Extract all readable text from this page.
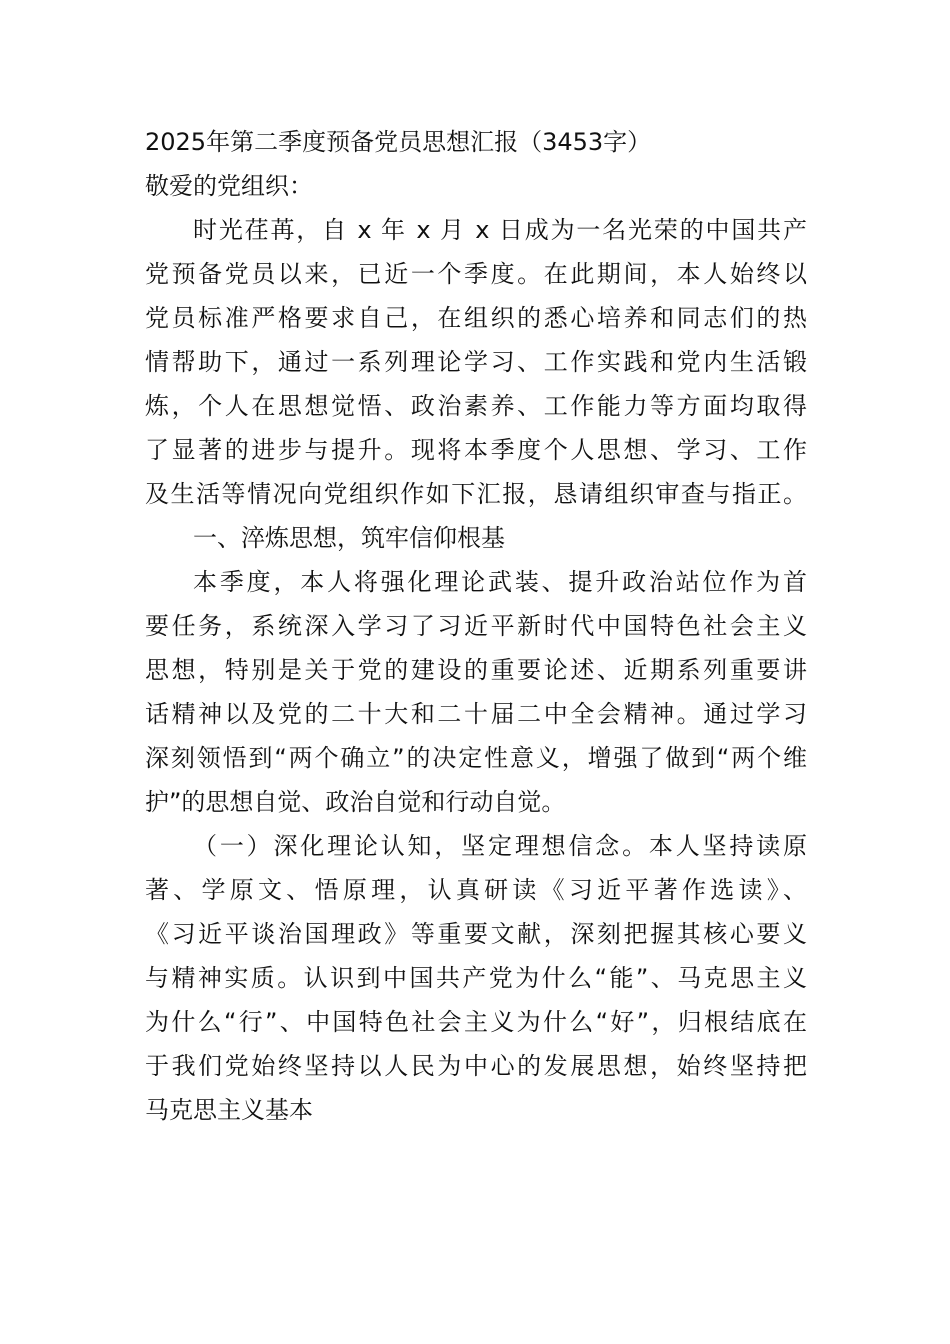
2025年第二季度预备党员思想汇报（3453字）
敬爱的党组织：
时光荏苒，自 x 年 x 月 x 日成为一名光荣的中国共产
党预备党员以来，已近一个季度。在此期间，本人始终以
党员标准严格要求自己，在组织的悉心培养和同志们的热
情帮助下，通过一系列理论学习、工作实践和党内生活锻
炼，个人在思想觉悟、政治素养、工作能力等方面均取得
了显著的进步与提升。现将本季度个人思想、学习、工作
及生活等情况向党组织作如下汇报，恳请组织审查与指正。
一、淬炼思想，筑牢信仰根基
本季度，本人将强化理论武装、提升政治站位作为首
要任务，系统深入学习了习近平新时代中国特色社会主义
思想，特别是关于党的建设的重要论述、近期系列重要讲
话精神以及党的二十大和二十届二中全会精神。通过学习
深刻领悟到“两个确立”的决定性意义，增强了做到“两个维
护”的思想自觉、政治自觉和行动自觉。
（一）深化理论认知，坚定理想信念。本人坚持读原
著、学原文、悟原理，认真研读《习近平著作选读》、
《习近平谈治国理政》等重要文献，深刻把握其核心要义
与精神实质。认识到中国共产党为什么“能”、马克思主义
为什么“行”、中国特色社会主义为什么“好”，归根结底在
于我们党始终坚持以人民为中心的发展思想，始终坚持把
马克思主义基本
